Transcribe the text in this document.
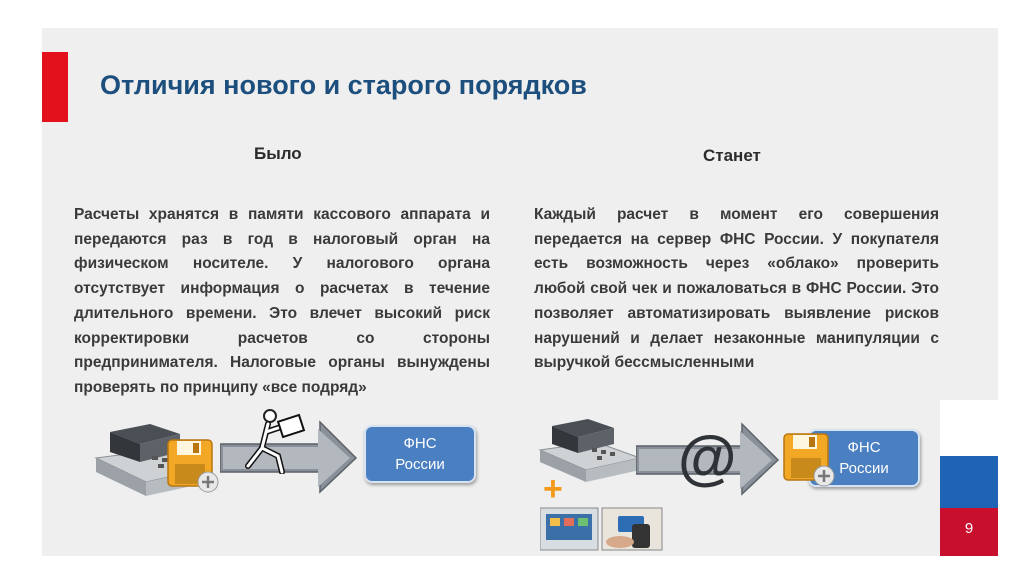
Отличия нового и старого порядков
Было	Станет
Расчеты хранятся в памяти кассового аппарата и передаются раз в год в налоговый орган на физическом носителе. У налогового органа отсутствует информация о расчетах в течение длительного времени. Это влечет высокий риск корректировки расчетов со стороны предпринимателя. Налоговые органы вынуждены проверять по принципу «все подряд»
Каждый расчет в момент его совершения передается на сервер ФНС России. У покупателя есть возможность через «облако» проверить любой свой чек и пожаловаться в ФНС России. Это позволяет автоматизировать выявление рисков нарушений и делает незаконные манипуляции с выручкой бессмысленными
ФНС
России
+ @	ФНС
России
9
